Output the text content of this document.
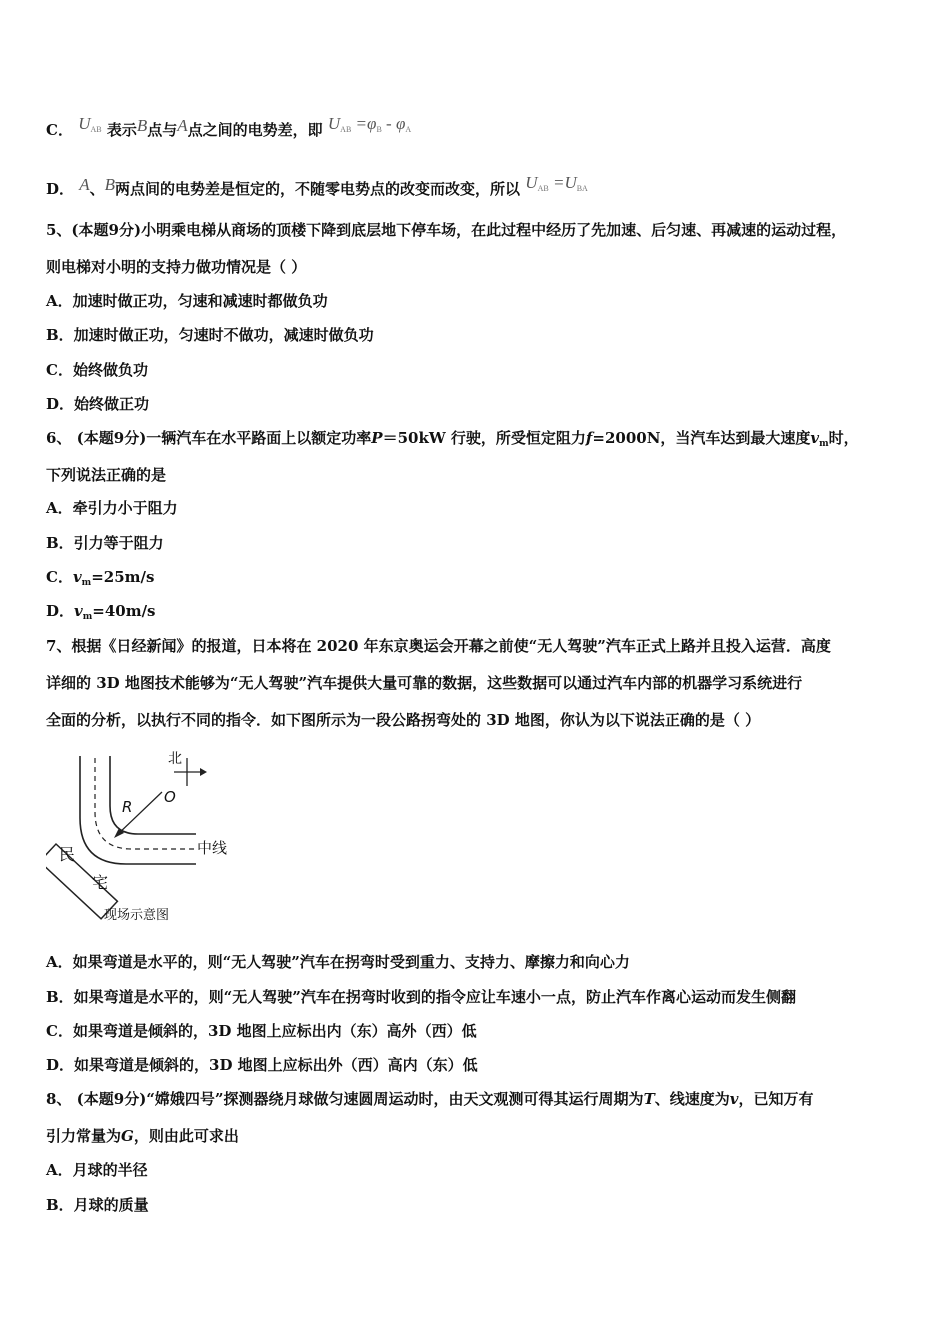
C． $U_{AB}$ 表示B点与A点之间的电势差，即 $U_{AB} =\varphi_B - \varphi_A$
D． A、B两点间的电势差是恒定的，不随零电势点的改变而改变，所以 $U_{AB} =U_{BA}$
5、(本题9分)小明乘电梯从商场的顶楼下降到底层地下停车场，在此过程中经历了先加速、后匀速、再减速的运动过程，
则电梯对小明的支持力做功情况是（ ）
A．加速时做正功，匀速和减速时都做负功
B．加速时做正功，匀速时不做功，减速时做负功
C．始终做负功
D．始终做正功
6、 (本题9分)一辆汽车在水平路面上以额定功率P＝50kW 行驶，所受恒定阻力f=2000N，当汽车达到最大速度$v_m$时，
下列说法正确的是
A．牵引力小于阻力
B．引力等于阻力
C．$v_m=25m/s$
D．$v_m=40m/s$
7、根据《日经新闻》的报道，日本将在 2020 年东京奥运会开幕之前使“无人驾驶”汽车正式上路并且投入运营．高度
详细的 3D 地图技术能够为“无人驾驶”汽车提供大量可靠的数据，这些数据可以通过汽车内部的机器学习系统进行
全面的分析，以执行不同的指令．如下图所示为一段公路拐弯处的 3D 地图，你认为以下说法正确的是（ ）
北
R
O
中线
民
宅
现场示意图
A．如果弯道是水平的，则“无人驾驶”汽车在拐弯时受到重力、支持力、摩擦力和向心力
B．如果弯道是水平的，则“无人驾驶”汽车在拐弯时收到的指令应让车速小一点，防止汽车作离心运动而发生侧翻
C．如果弯道是倾斜的，3D 地图上应标出内（东）高外（西）低
D．如果弯道是倾斜的，3D 地图上应标出外（西）高内（东）低
8、 (本题9分)“嫦娥四号”探测器绕月球做匀速圆周运动时，由天文观测可得其运行周期为T、线速度为v，已知万有
引力常量为G，则由此可求出
A．月球的半径
B．月球的质量
